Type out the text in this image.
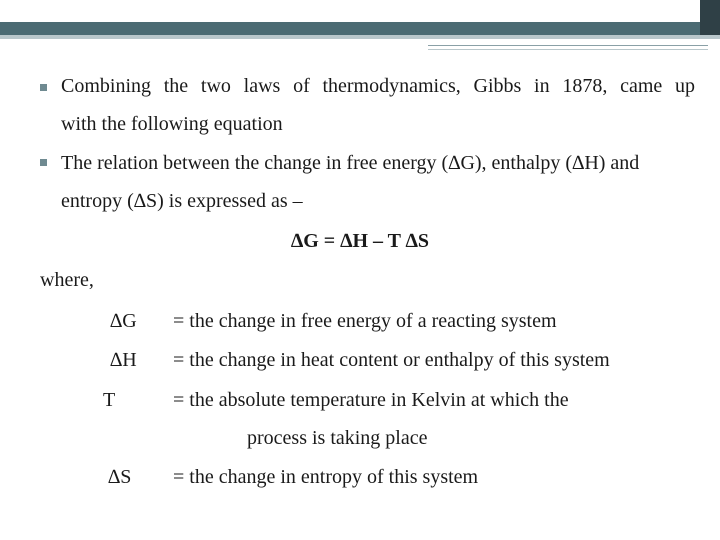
Combining the two laws of thermodynamics, Gibbs in 1878, came up
with the following equation
The relation between the change in free energy (∆G), enthalpy (∆H) and
entropy (∆S) is expressed as –
∆G = ∆H – T ∆S
where,
∆G = the change in free energy of a reacting system
∆H = the change in heat content or enthalpy of this system
T	= the absolute temperature in Kelvin at which the
process is taking place
∆S = the change in entropy of this system
